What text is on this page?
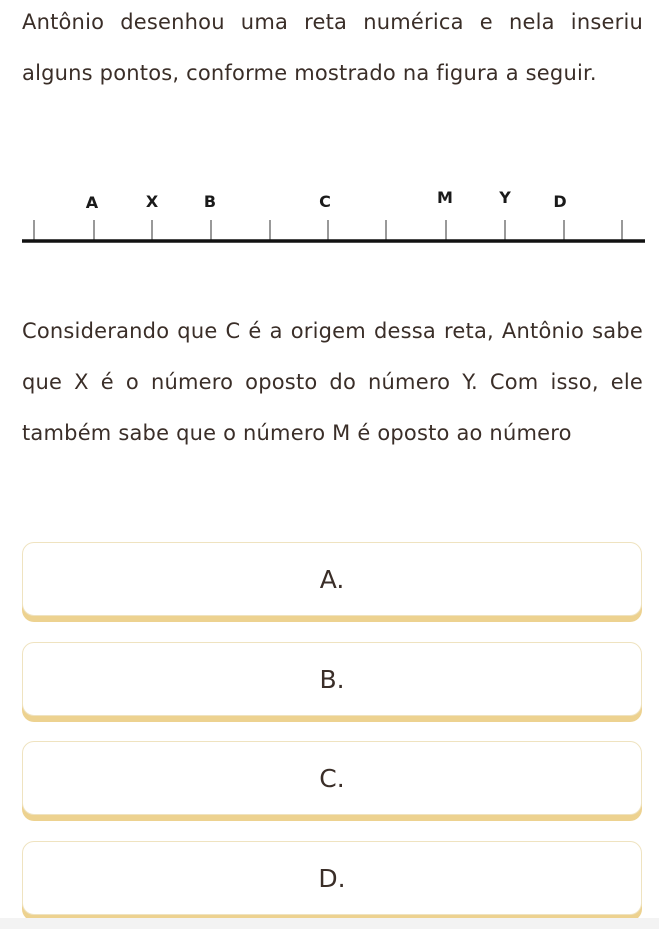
Antônio desenhou uma reta numérica e nela inseriu alguns pontos, conforme mostrado na figura a seguir.

A	X	B	C	M	Y	D

Considerando que C é a origem dessa reta, Antônio sabe que X é o número oposto do número Y. Com isso, ele também sabe que o número M é oposto ao número

A.
B.
C.
D.
